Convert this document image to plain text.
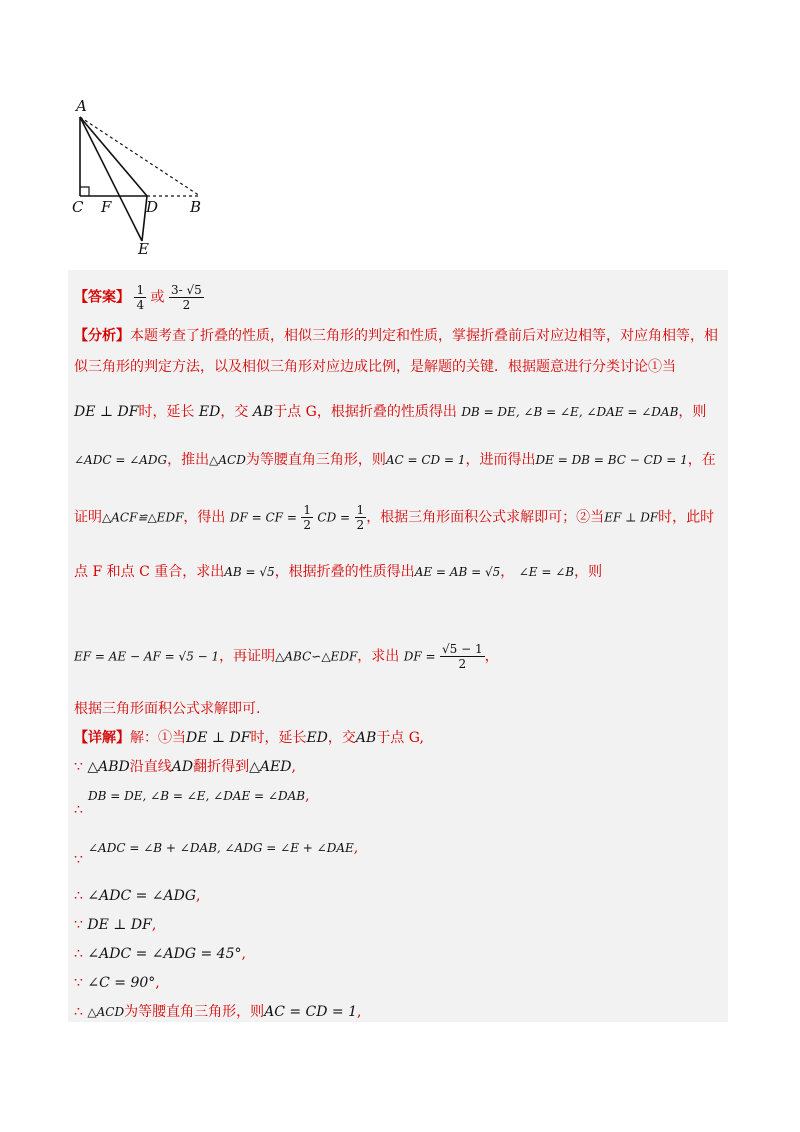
A
C F D B
E
【答案】 $\frac{1}{4}$ 或 $\frac{3- √5}{2}$
【分析】本题考查了折叠的性质，相似三角形的判定和性质，掌握折叠前后对应边相等，对应角相等，相
似三角形的判定方法，以及相似三角形对应边成比例，是解题的关键．根据题意进行分类讨论①当
DE ⊥ DF时，延长 ED，交 AB于点 G，根据折叠的性质得出 DB = DE, ∠B = ∠E, ∠DAE = ∠DAB，则
∠ADC = ∠ADG，推出△ACD为等腰直角三角形，则AC = CD = 1，进而得出DE = DB = BC − CD = 1，在
证明△ACF≌△EDF，得出 DF = CF = $\frac{1}{2}$ CD = $\frac{1}{2}$ ，根据三角形面积公式求解即可；②当EF ⊥ DF时，此时
点 F 和点 C 重合，求出AB = √5，根据折叠的性质得出AE = AB = √5， ∠E = ∠B，则
EF = AE − AF = √5 − 1，再证明△ABC∽△EDF，求出 DF = $\frac{√5 - 1}{2}$ ，
根据三角形面积公式求解即可.
【详解】解：①当DE ⊥ DF时，延长ED，交AB于点 G,
∵ △ABD沿直线AD翻折得到△AED,
DB = DE, ∠B = ∠E, ∠DAE = ∠DAB,
∴
∠ADC = ∠B + ∠DAB, ∠ADG = ∠E + ∠DAE,
∵
∴ ∠ADC = ∠ADG,
∵ DE ⊥ DF,
∴ ∠ADC = ∠ADG = 45°,
∵ ∠C = 90°,
∴ △ACD为等腰直角三角形，则AC = CD = 1,
